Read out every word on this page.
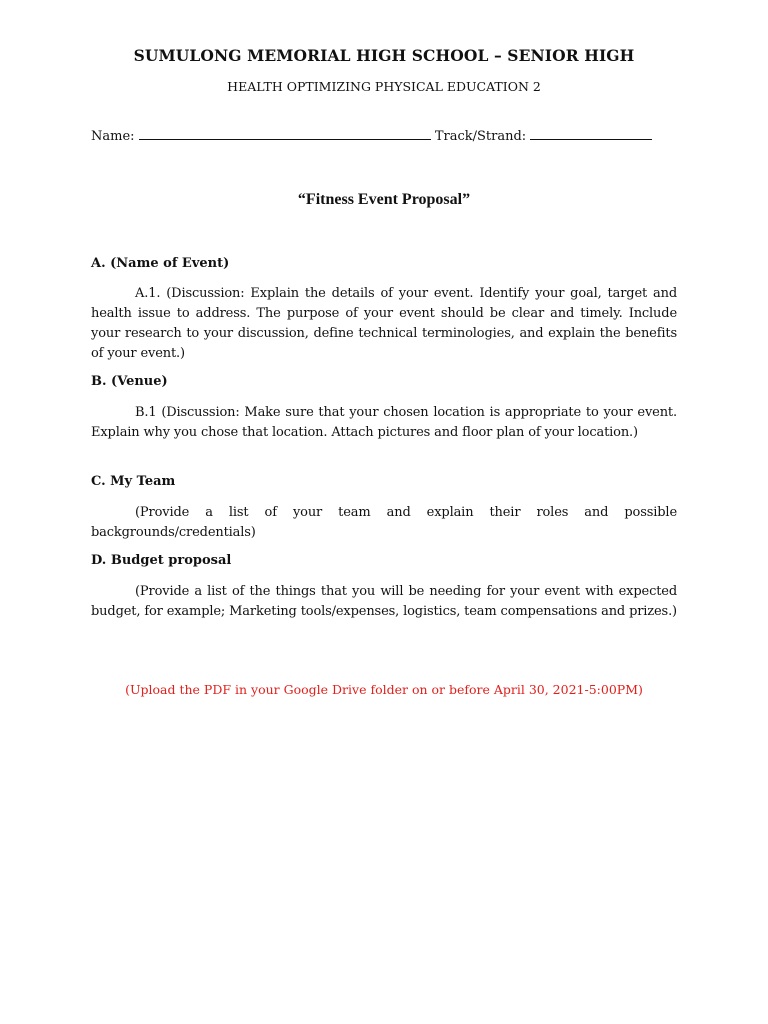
SUMULONG MEMORIAL HIGH SCHOOL – SENIOR HIGH
HEALTH OPTIMIZING PHYSICAL EDUCATION 2
Name:	Track/Strand:
“Fitness Event Proposal”
A. (Name of Event)
A.1. (Discussion: Explain the details of your event. Identify your goal, target and health issue to address. The purpose of your event should be clear and timely. Include your research to your discussion, define technical terminologies, and explain the benefits of your event.)
B. (Venue)
B.1 (Discussion: Make sure that your chosen location is appropriate to your event. Explain why you chose that location. Attach pictures and floor plan of your location.)
C. My Team
(Provide a list of your team and explain their roles and possible backgrounds/credentials)
D. Budget proposal
(Provide a list of the things that you will be needing for your event with expected budget, for example; Marketing tools/expenses, logistics, team compensations and prizes.)
(Upload the PDF in your Google Drive folder on or before April 30, 2021-5:00PM)
